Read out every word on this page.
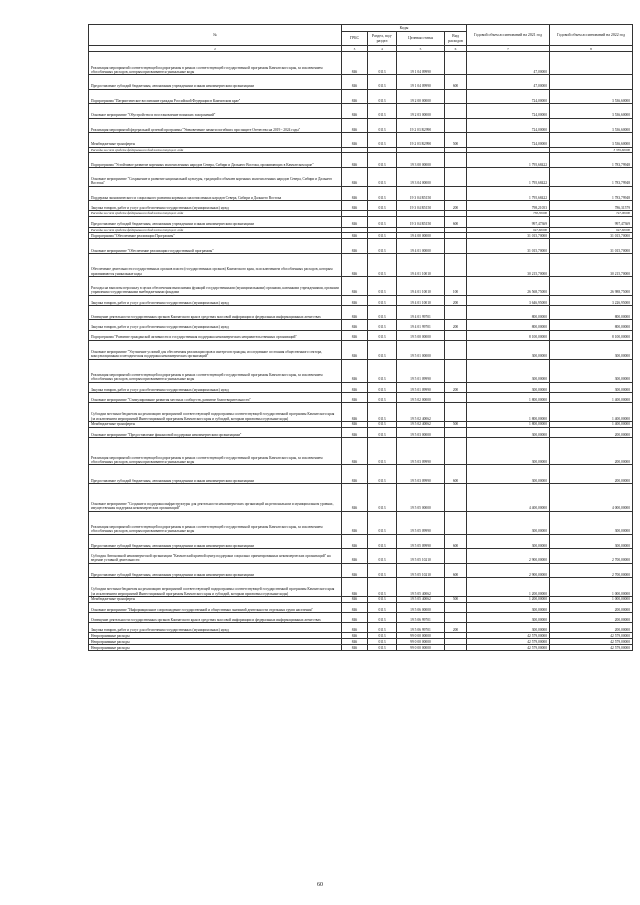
№	Коды				Годовой объем ассигнований на 2021 год	Годовой объем ассигнований на 2022 год
	ГРБС	Раздел, под-раздел	Целевая статья	Вид расходов		
2	3	4	5	6	7	8
Реализация мероприятий соответствующей подпрограммы в рамках соответствующей государственной программы Камчатского края, за исключением обособленных расходов, которым присваиваются уникальные коды	846	0113	19 1 04 09990		47,00000	
Предоставление субсидий бюджетным, автономным учреждениям и иным некоммерческим организациям	846	0113	19 1 04 09990	600	47,00000	
Подпрограмма "Патриотическое воспитание граждан Российской Федерации в Камчатском крае"	846	0113	19 2 00 00000		724,00000	3 536,60000
Основное мероприятие "Обустройство и восстановление воинских захоронений"	846	0113	19 2 03 00000		724,00000	3 536,60000
Реализация мероприятий федеральной целевой программы "Увековечение памяти погибших при защите Отечества на 2019 - 2024 годы"	846	0113	19 2 03 R2990		724,00000	3 536,60000
Межбюджетные трансферты	846	0113	19 2 03 R2990	500	724,00000	3 536,60000
Расходы за счет средств федерального бюджета текущего года						3 359,60000
Подпрограмма "Устойчивое развитие коренных малочисленных народов Севера, Сибири и Дальнего Востока, проживающих в Камчатском крае"	846	0113	19 3 00 00000		1 795,68422	1 783,79948
Основное мероприятие "Сохранение и развитие национальной культуры, традиций и обычаев коренных малочисленных народов Севера, Сибири и Дальнего Востока"	846	0113	19 3 04 00000		1 795,68422	1 783,79948
Поддержка экономического и социального развития коренных малочисленных народов Севера, Сибири и Дальнего Востока	846	0113	19 3 04 R5150		1 795,68422	1 783,79948
Закупка товаров, работ и услуг для обеспечения государственных (муниципальных) нужд	846	0113	19 3 04 R5150	200	798,21053	786,31579
Расходы за счет средств федерального бюджета текущего года					758,30000	747,00000
Предоставление субсидий бюджетным, автономным учреждениям и иным некоммерческим организациям	846	0113	19 3 04 R5150	600	997,47369	997,47369
Расходы за счет средств федерального бюджета текущего года					947,60000	947,60000
Подпрограмма "Обеспечение реализации Программы"	846	0113	19 4 00 00000		31 015,70000	31 015,70000
Основное мероприятие "Обеспечение реализации государственной программы"	846	0113	19 4 01 00000		31 015,70000	31 015,70000
Обеспечение деятельности государственных органов власти (государственных органов) Камчатского края, за исключением обособленных расходов, которым присваиваются уникальные коды	846	0113	19 4 01 10010		30 215,70000	30 215,70000
Расходы на выплаты персоналу в целях обеспечения выполнения функций государственными (муниципальными) органами, казенными учреждениями, органами управления государственными внебюджетными фондами	846	0113	19 4 01 10010	100	26 568,75000	26 988,75000
Закупка товаров, работ и услуг для обеспечения государственных (муниципальных) нужд	846	0113	19 4 01 10010	200	3 646,95000	3 226,95000
Освещение деятельности государственных органов Камчатского края в средствах массовой информации и федеральных информационных агентствах	846	0113	19 4 01 99701		800,00000	800,00000
Закупка товаров, работ и услуг для обеспечения государственных (муниципальных) нужд	846	0113	19 4 01 99701	200	800,00000	800,00000
Подпрограмма "Развитие гражданской активности и государственная поддержка некоммерческих неправительственных организаций"	846	0113	19 5 00 00000		8 100,00000	8 100,00000
Основное мероприятие "Улучшение условий для обеспечения реализации прав и интересов граждан, исследование состояния общественного сектора, консультационная и методическая поддержка некоммерческих организаций"	846	0113	19 5 01 00000		300,00000	300,00000
Реализация мероприятий соответствующей подпрограммы в рамках соответствующей государственной программы Камчатского края, за исключением обособленных расходов, которым присваиваются уникальные коды	846	0113	19 5 01 09990		300,00000	300,00000
Закупка товаров, работ и услуг для обеспечения государственных (муниципальных) нужд	846	0113	19 5 01 09990	200	300,00000	300,00000
Основное мероприятие "Стимулирование развития местных сообществ, развитие благотворительности"	846	0113	19 5 02 00000		1 800,00000	1 400,00000
Субсидии местным бюджетам на реализацию мероприятий соответствующей подпрограммы соответствующей государственной программы Камчатского края (за исключением мероприятий Инвестиционной программы Камчатского края и субсидий, которым присвоены отдельные коды)	846	0113	19 5 02 40062		1 800,00000	1 400,00000
Межбюджетные трансферты	846	0113	19 5 02 40062	500	1 800,00000	1 400,00000
Основное мероприятие "Предоставление финансовой поддержки некоммерческим организациям"	846	0113	19 5 03 00000		300,00000	200,00000
Реализация мероприятий соответствующей подпрограммы в рамках соответствующей государственной программы Камчатского края, за исключением обособленных расходов, которым присваиваются уникальные коды	846	0113	19 5 03 09990		300,00000	200,00000
Предоставление субсидий бюджетным, автономным учреждениям и иным некоммерческим организациям	846	0113	19 5 03 09990	600	300,00000	200,00000
Основное мероприятие "Создание и поддержка инфраструктуры для деятельности некоммерческих организаций на региональном и муниципальном уровнях, имущественная поддержка некоммерческих организаций"	846	0113	19 5 05 00000		4 400,00000	4 000,00000
Реализация мероприятий соответствующей подпрограммы в рамках соответствующей государственной программы Камчатского края, за исключением обособленных расходов, которым присваиваются уникальные коды	846	0113	19 5 05 09990		300,00000	300,00000
Предоставление субсидий бюджетным, автономным учреждениям и иным некоммерческим организациям	846	0113	19 5 05 09990	600	300,00000	300,00000
Субсидия Автономной некоммерческой организации "Камчатский краевой центр поддержки социально ориентированных некоммерческих организаций" на ведение уставной деятельности	846	0113	19 5 05 10210		2 900,00000	2 700,00000
Предоставление субсидий бюджетным, автономным учреждениям и иным некоммерческим организациям	846	0113	19 5 05 10210	600	2 900,00000	2 700,00000
Субсидии местным бюджетам на реализацию мероприятий соответствующей подпрограммы соответствующей государственной программы Камчатского края (за исключением мероприятий Инвестиционной программы Камчатского края и субсидий, которым присвоены отдельные коды)	846	0113	19 5 05 40062		1 200,00000	1 000,00000
Межбюджетные трансферты	846	0113	19 5 05 40062	500	1 200,00000	1 000,00000
Основное мероприятие "Информационное сопровождение государственной и общественно значимой деятельности отдельных групп населения"	846	0113	19 5 06 00000		300,00000	200,00000
Освещение деятельности государственных органов Камчатского края в средствах массовой информации и федеральных информационных агентствах	846	0113	19 5 06 99701		300,00000	200,00000
Закупка товаров, работ и услуг для обеспечения государственных (муниципальных) нужд	846	0113	19 5 06 99701	200	300,00000	200,00000
Непрограммные расходы	846	0113	99 0 00 00000		42 579,00000	42 579,00000
Непрограммные расходы	846	0113	99 0 00 00000		42 579,00000	42 579,00000
Непрограммные расходы	846	0113	99 0 00 00000		42 579,00000	42 579,00000
60
